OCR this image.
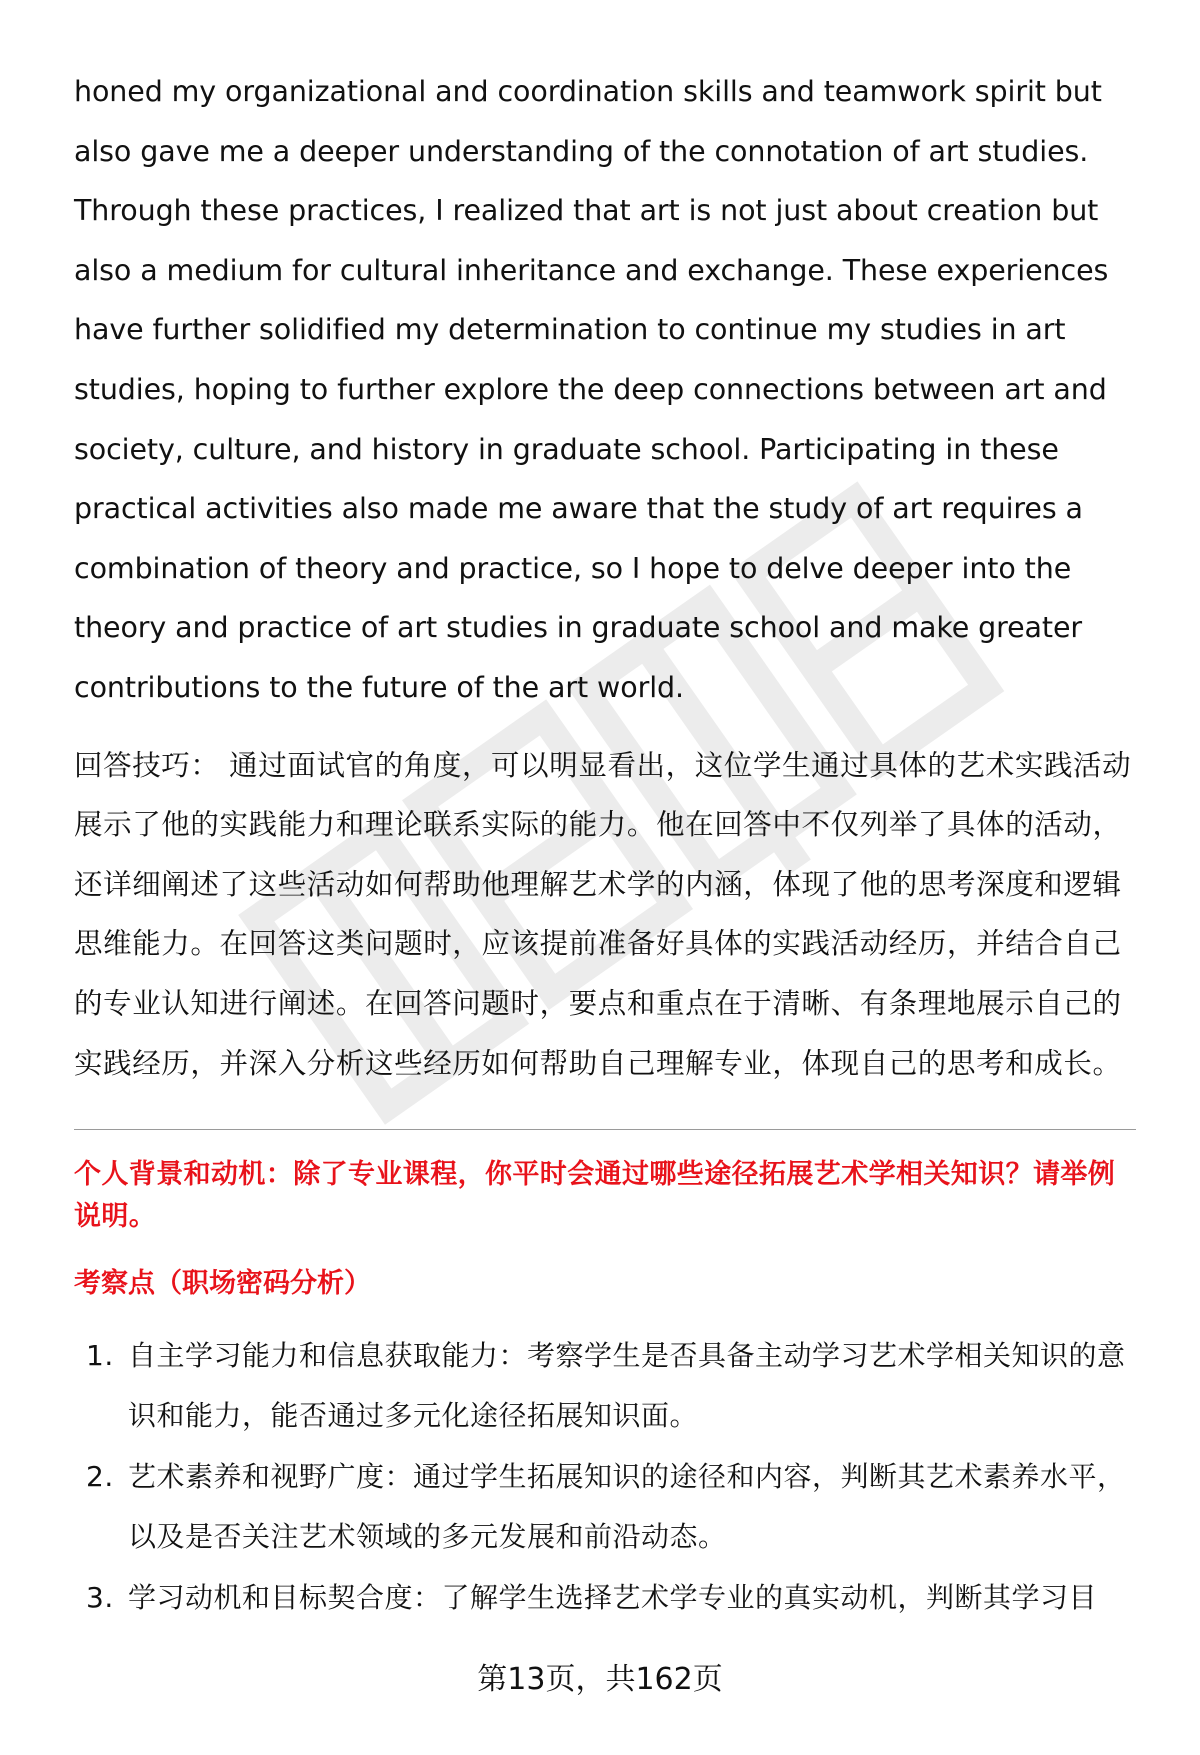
honed my organizational and coordination skills and teamwork spirit but also gave me a deeper understanding of the connotation of art studies. Through these practices, I realized that art is not just about creation but also a medium for cultural inheritance and exchange. These experiences have further solidified my determination to continue my studies in art studies, hoping to further explore the deep connections between art and society, culture, and history in graduate school. Participating in these practical activities also made me aware that the study of art requires a combination of theory and practice, so I hope to delve deeper into the theory and practice of art studies in graduate school and make greater contributions to the future of the art world.

回答技巧： 通过面试官的角度，可以明显看出，这位学生通过具体的艺术实践活动展示了他的实践能力和理论联系实际的能力。他在回答中不仅列举了具体的活动，还详细阐述了这些活动如何帮助他理解艺术学的内涵，体现了他的思考深度和逻辑思维能力。在回答这类问题时，应该提前准备好具体的实践活动经历，并结合自己的专业认知进行阐述。在回答问题时，要点和重点在于清晰、有条理地展示自己的实践经历，并深入分析这些经历如何帮助自己理解专业，体现自己的思考和成长。

个人背景和动机：除了专业课程，你平时会通过哪些途径拓展艺术学相关知识？请举例说明。

考察点（职场密码分析）

1. 自主学习能力和信息获取能力：考察学生是否具备主动学习艺术学相关知识的意识和能力，能否通过多元化途径拓展知识面。
2. 艺术素养和视野广度：通过学生拓展知识的途径和内容，判断其艺术素养水平，以及是否关注艺术领域的多元发展和前沿动态。
3. 学习动机和目标契合度：了解学生选择艺术学专业的真实动机，判断其学习目
第13页，共162页
